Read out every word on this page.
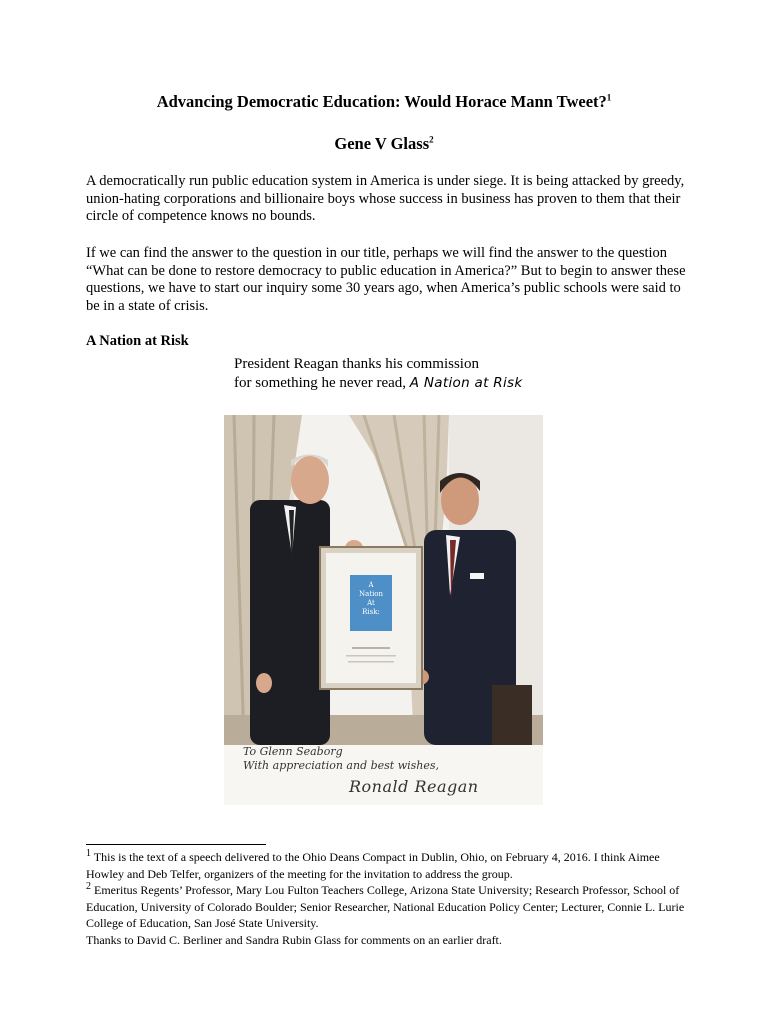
Advancing Democratic Education: Would Horace Mann Tweet?$^1$
Gene V Glass$^2$

A democratically run public education system in America is under siege. It is being attacked by greedy, union-hating corporations and billionaire boys whose success in business has proven to them that their circle of competence knows no bounds.

If we can find the answer to the question in our title, perhaps we will find the answer to the question “What can be done to restore democracy to public education in America?” But to begin to answer these questions, we have to start our inquiry some 30 years ago, when America’s public schools were said to be in a state of crisis.

A Nation at Risk
President Reagan thanks his commission
for something he never read, A Nation at Risk
A
Nation
At
Risk:
To Glenn Seaborg
With appreciation and best wishes,
Ronald Reagan

$^1$ This is the text of a speech delivered to the Ohio Deans Compact in Dublin, Ohio, on February 4, 2016. I think Aimee Howley and Deb Telfer, organizers of the meeting for the invitation to address the group.

$^2$ Emeritus Regents’ Professor, Mary Lou Fulton Teachers College, Arizona State University; Research Professor, School of Education, University of Colorado Boulder; Senior Researcher, National Education Policy Center; Lecturer, Connie L. Lurie College of Education, San José State University.

Thanks to David C. Berliner and Sandra Rubin Glass for comments on an earlier draft.
